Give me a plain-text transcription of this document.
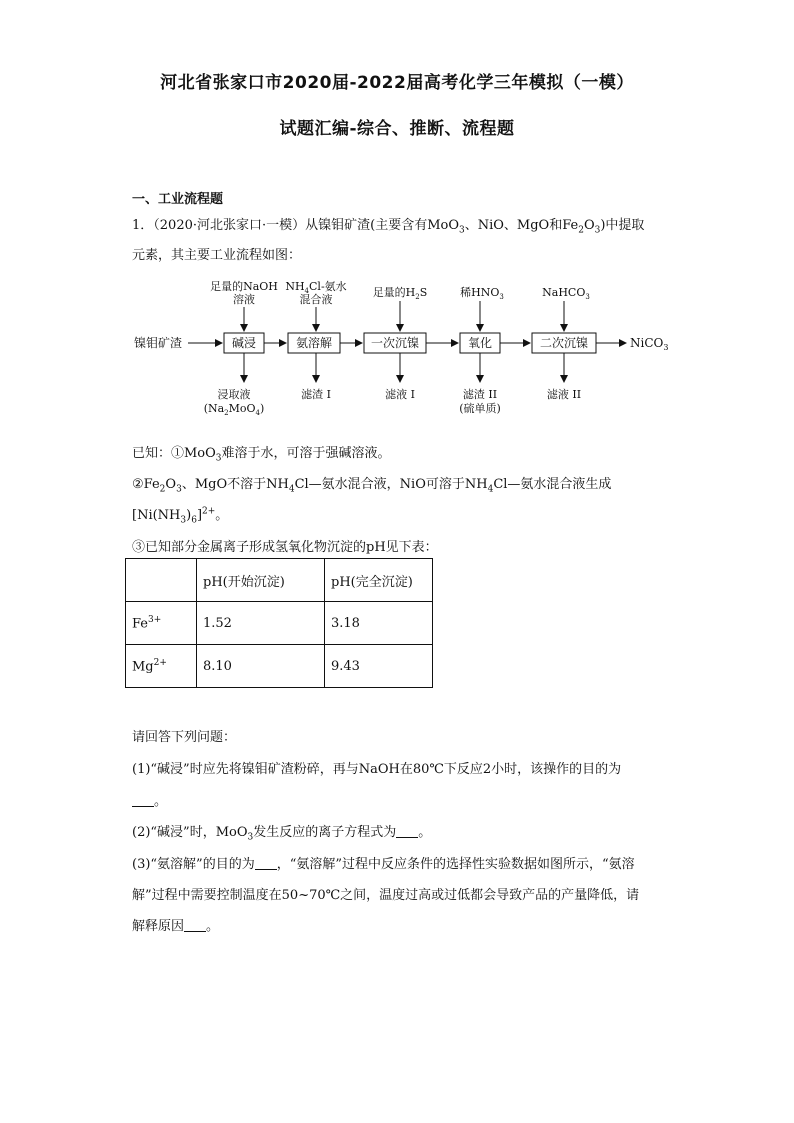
河北省张家口市2020届-2022届高考化学三年模拟（一模）
试题汇编-综合、推断、流程题
一、工业流程题
1．（2020·河北张家口·一模）从镍钼矿渣(主要含有MoO$_3$、NiO、MgO和$Fe_2O_3$)中提取
元素，其主要工业流程如图：
镍钼矿渣	碱浸	氨溶解	一次沉镍	氧化	二次沉镍	NiCO$_3$
足量的NaOH
溶液
$NH_4Cl-$氨水
混合液
足量的$H_2S$	稀$HNO_3$	NaHCO$_3$
浸取液
$(Na_2MoO_4)$
滤渣 I	滤液 I	滤渣 II
(硫单质)
滤液 II
已知：①MoO$_3$难溶于水，可溶于强碱溶液。
$②Fe_2O_3$、MgO不溶于$NH_4Cl—$氨水混合液，NiO可溶于$NH_4Cl—$氨水混合液生成
$[Ni(NH_3)_6]^{2+}$。
③已知部分金属离子形成氢氧化物沉淀的pH见下表：
	pH(开始沉淀)	pH(完全沉淀)
$Fe^{3+}$	1.52	3.18
$Mg^{2+}$	8.10	9.43
请回答下列问题：
(1)“碱浸”时应先将镍钼矿渣粉碎，再与NaOH在80℃下反应2小时，该操作的目的为
。
(2)“碱浸”时，MoO$_3$发生反应的离子方程式为 。
(3)“氨溶解”的目的为 ，“氨溶解”过程中反应条件的选择性实验数据如图所示，“氨溶
解”过程中需要控制温度在50~70℃之间，温度过高或过低都会导致产品的产量降低，请
解释原因 。
